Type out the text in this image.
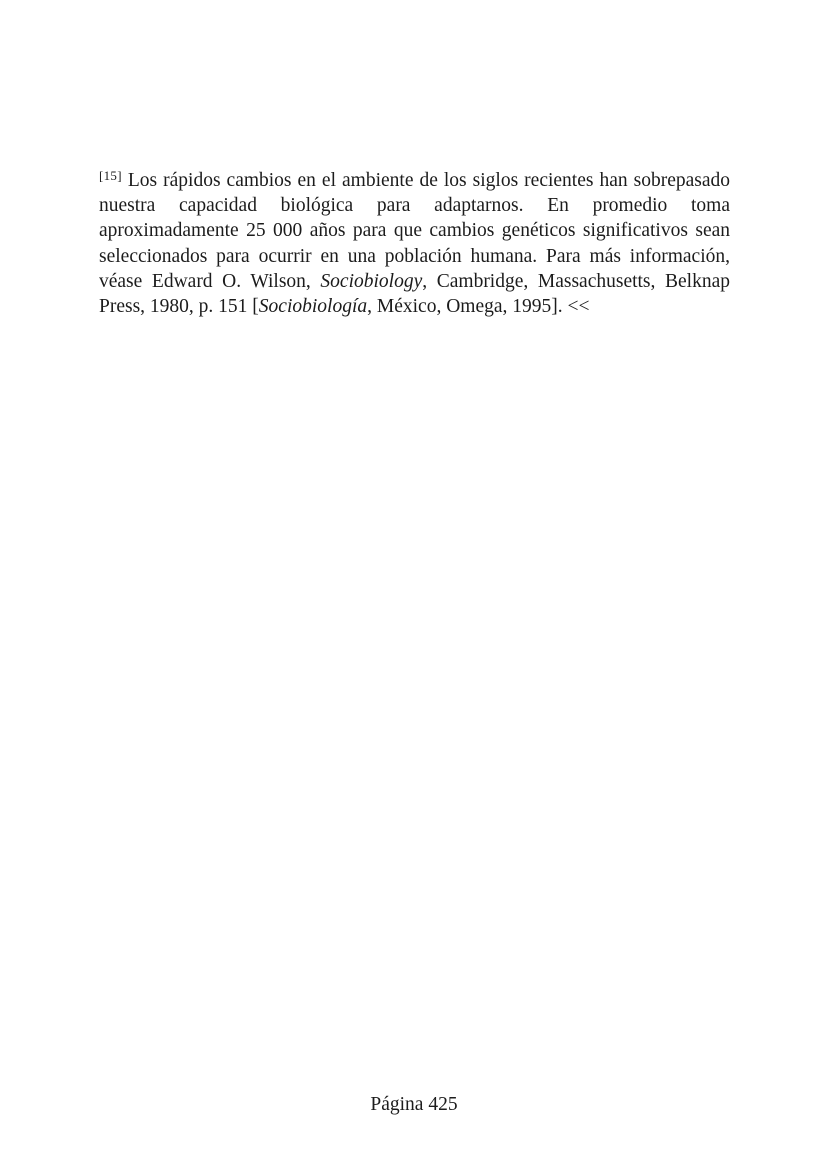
[15] Los rápidos cambios en el ambiente de los siglos recientes han sobrepasado nuestra capacidad biológica para adaptarnos. En promedio toma aproximadamente 25 000 años para que cambios genéticos significativos sean seleccionados para ocurrir en una población humana. Para más información, véase Edward O. Wilson, Sociobiology, Cambridge, Massachusetts, Belknap Press, 1980, p. 151 [Sociobiología, México, Omega, 1995]. <<

Página 425
